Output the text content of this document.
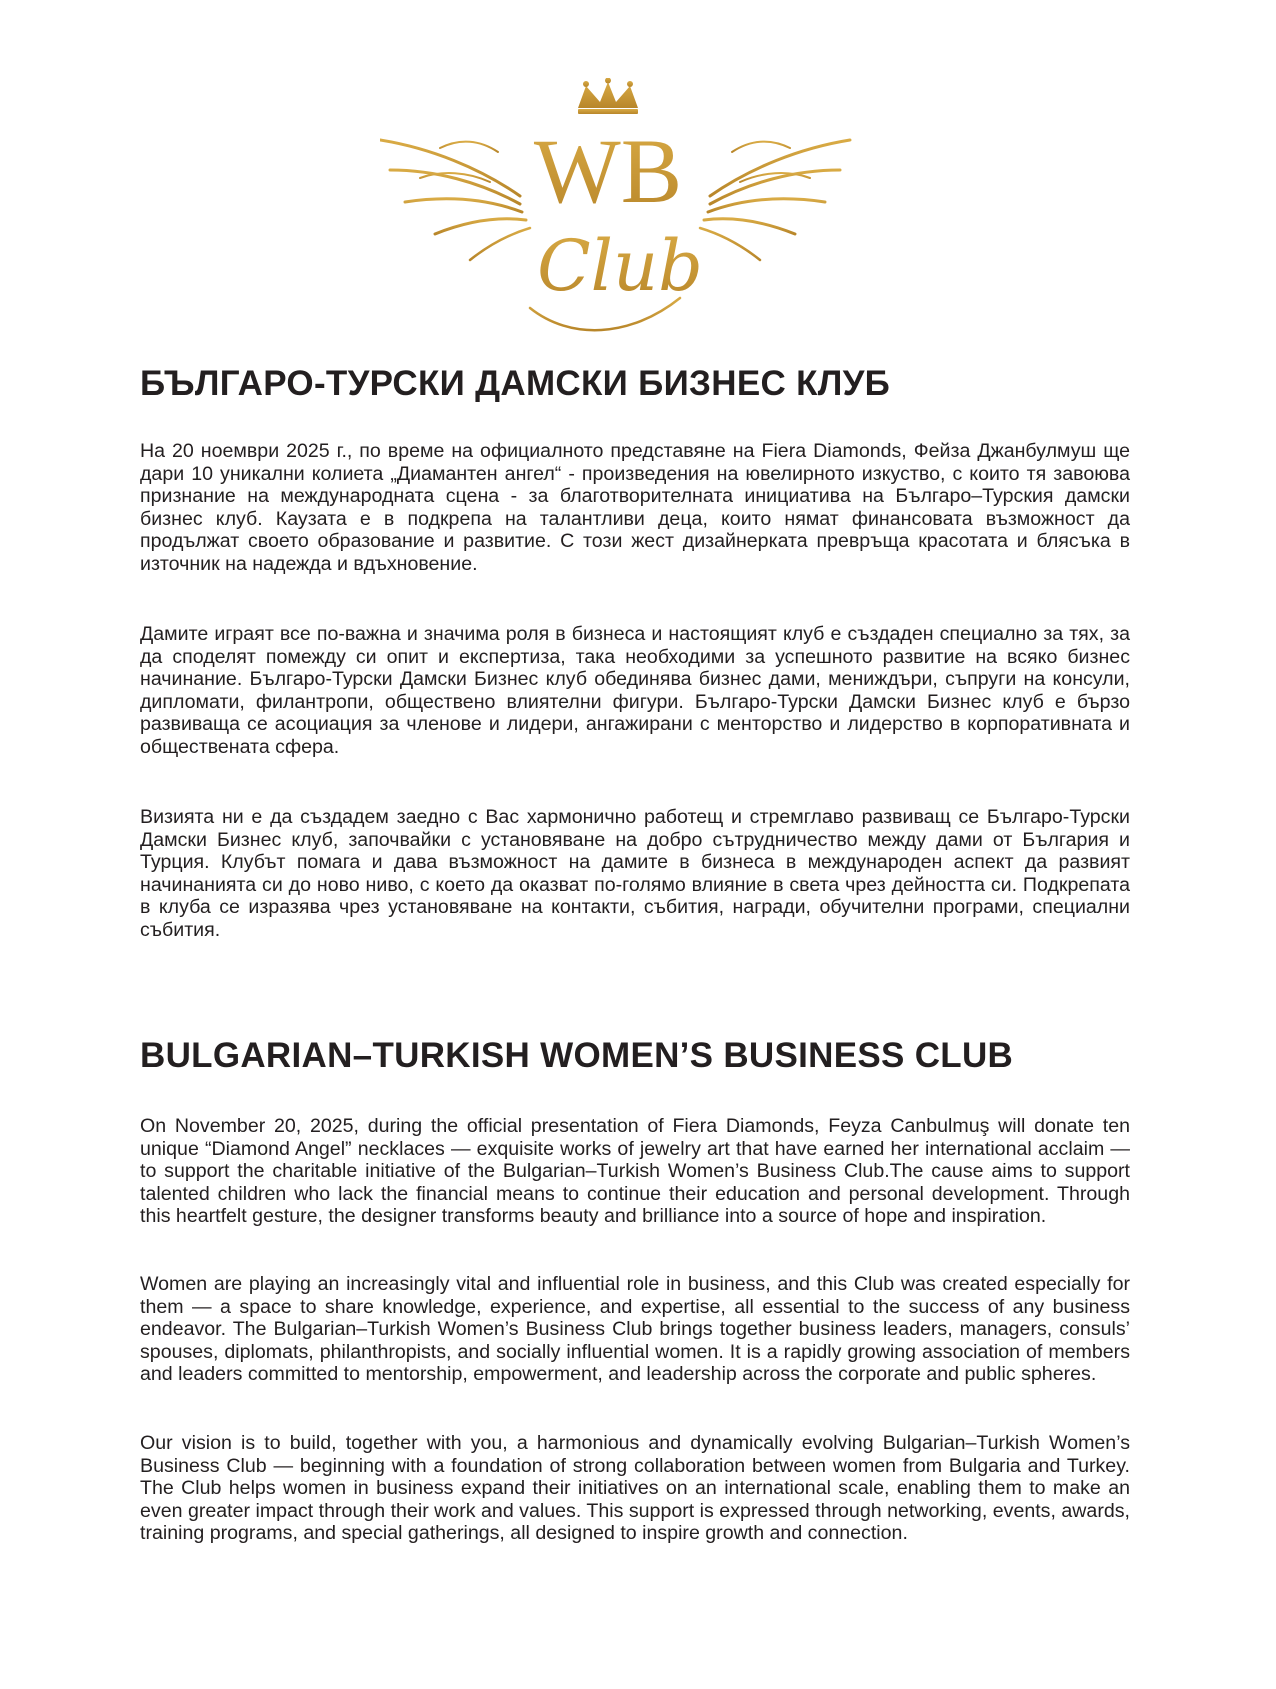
WB
Club
БЪЛГАРО-ТУРСКИ ДАМСКИ БИЗНЕС КЛУБ

На 20 ноември 2025 г., по време на официалното представяне на Fiera Diamonds, Фейза Джанбулмуш ще дари 10 уникални колиета „Диамантен ангел“ - произведения на ювелирното изкуство, с които тя завоюва признание на международната сцена - за благотворителната инициатива на Българо–Турския дамски бизнес клуб. Каузата е в подкрепа на талантливи деца, които нямат финансовата възможност да продължат своето образование и развитие. С този жест дизайнерката превръща красотата и блясъка в източник на надежда и вдъхновение.

Дамите играят все по-важна и значима роля в бизнеса и настоящият клуб е създаден специално за тях, за да споделят помежду си опит и експертиза, така необходими за успешното развитие на всяко бизнес начинание. Българо-Турски Дамски Бизнес клуб обединява бизнес дами, мениждъри, съпруги на консули, дипломати, филантропи, обществено влиятелни фигури. Българо-Турски Дамски Бизнес клуб е бързо развиваща се асоциация за членове и лидери, ангажирани с менторство и лидерство в корпоративната и обществената сфера.

Визията ни е да създадем заедно с Вас хармонично работещ и стремглаво развиващ се Българо-Турски Дамски Бизнес клуб, започвайки с установяване на добро сътрудничество между дами от България и Турция. Клубът помага и дава възможност на дамите в бизнеса в международен аспект да развият начинанията си до ново ниво, с което да оказват по-голямо влияние в света чрез дейността си. Подкрепата в клуба се изразява чрез установяване на контакти, събития, награди, обучителни програми, специални събития.

BULGARIAN–TURKISH WOMEN’S BUSINESS CLUB

On November 20, 2025, during the official presentation of Fiera Diamonds, Feyza Canbulmuş will donate ten unique “Diamond Angel” necklaces — exquisite works of jewelry art that have earned her international acclaim — to support the charitable initiative of the Bulgarian–Turkish Women’s Business Club.The cause aims to support talented children who lack the financial means to continue their education and personal development. Through this heartfelt gesture, the designer transforms beauty and brilliance into a source of hope and inspiration.

Women are playing an increasingly vital and influential role in business, and this Club was created especially for them — a space to share knowledge, experience, and expertise, all essential to the success of any business endeavor. The Bulgarian–Turkish Women’s Business Club brings together business leaders, managers, consuls’ spouses, diplomats, philanthropists, and socially influential women. It is a rapidly growing association of members and leaders committed to mentorship, empowerment, and leadership across the corporate and public spheres.

Our vision is to build, together with you, a harmonious and dynamically evolving Bulgarian–Turkish Women’s Business Club — beginning with a foundation of strong collaboration between women from Bulgaria and Turkey. The Club helps women in business expand their initiatives on an international scale, enabling them to make an even greater impact through their work and values. This support is expressed through networking, events, awards, training programs, and special gatherings, all designed to inspire growth and connection.
